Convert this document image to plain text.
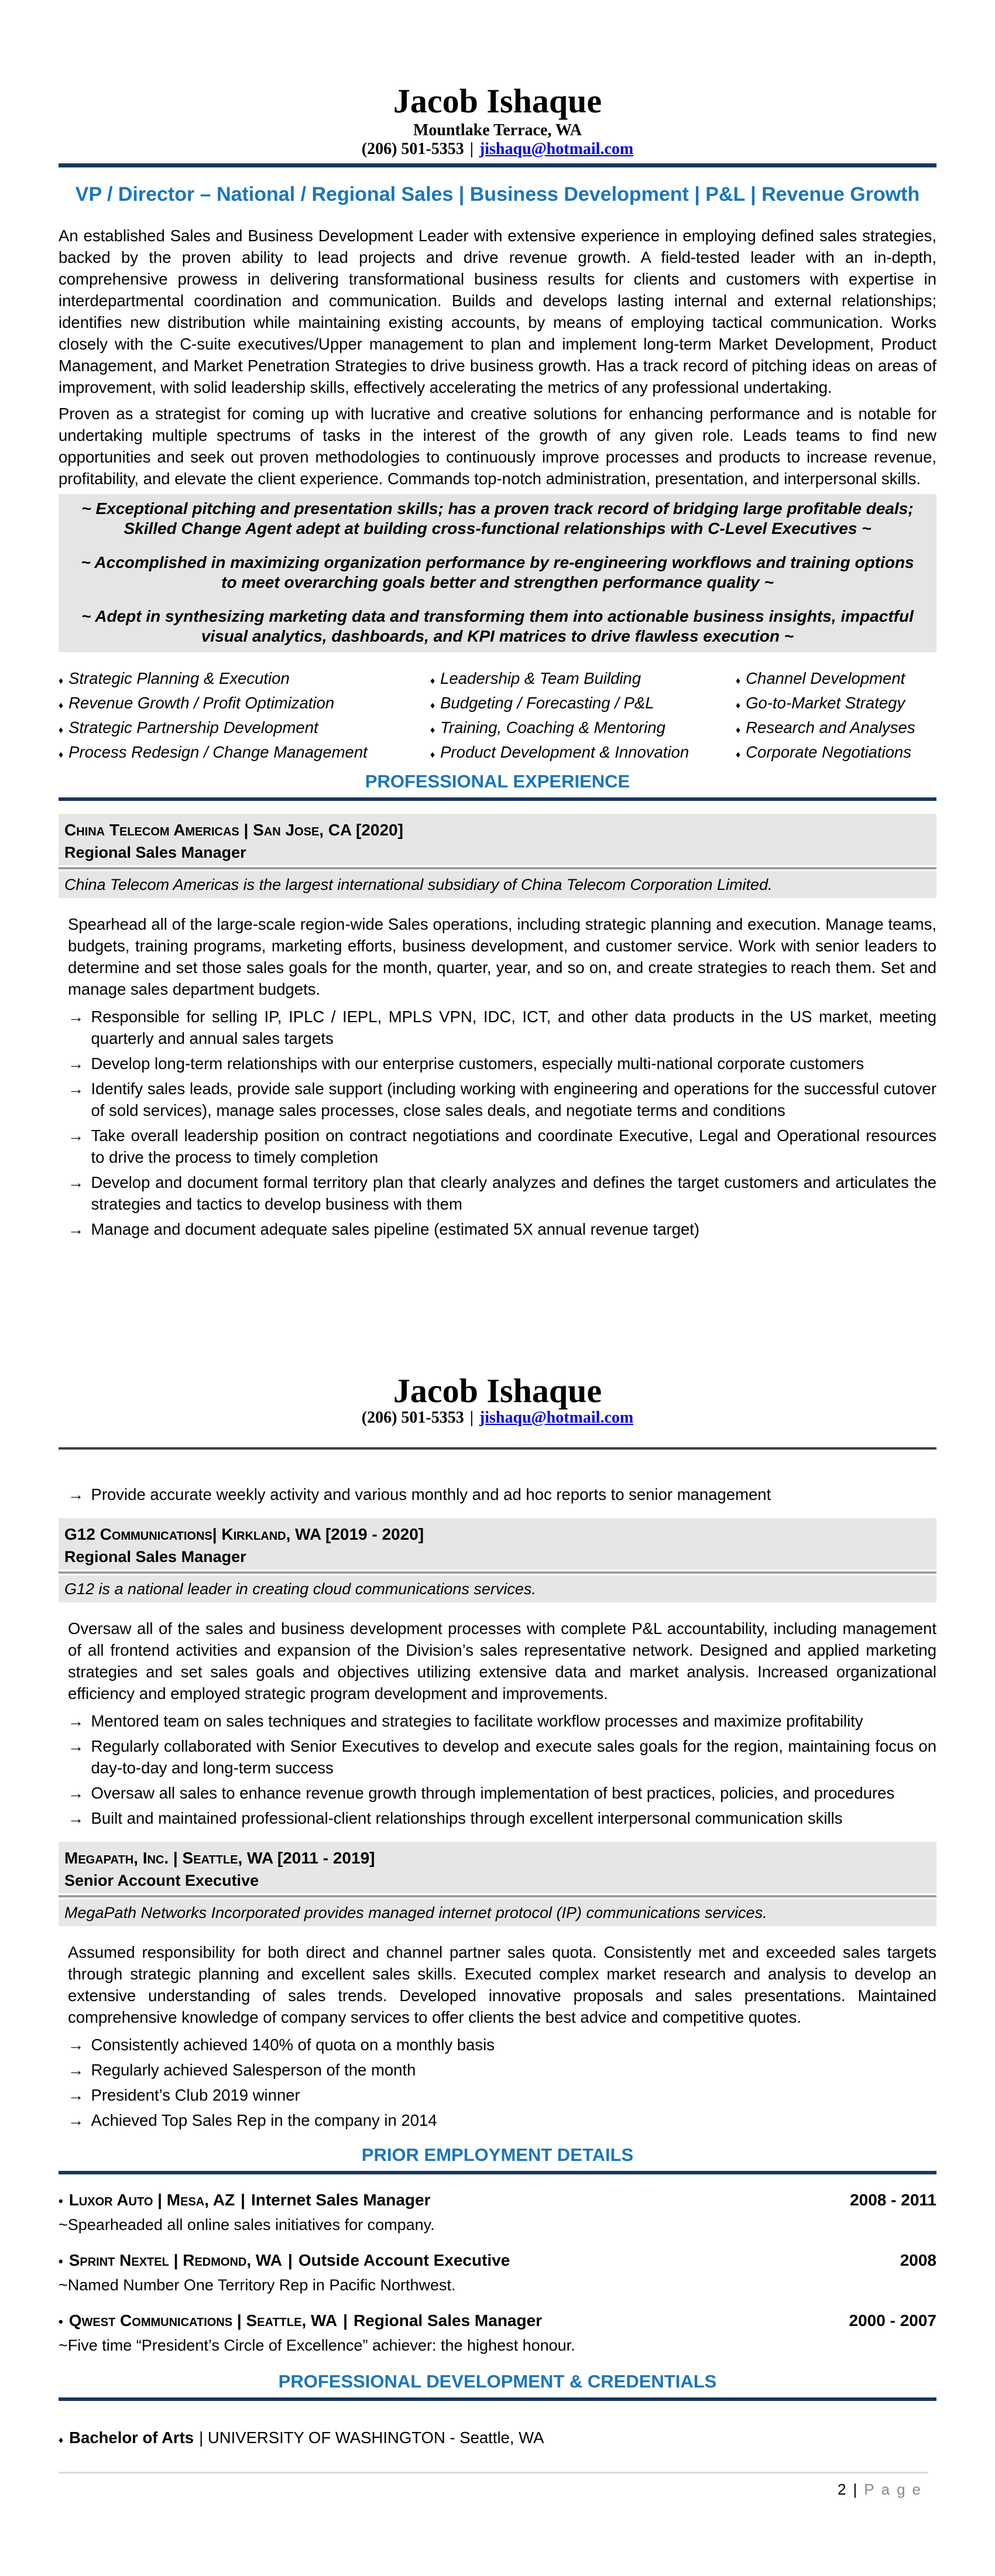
Jacob Ishaque
Mountlake Terrace, WA
(206) 501-5353 | jishaqu@hotmail.com
VP / Director – National / Regional Sales | Business Development | P&L | Revenue Growth

An established Sales and Business Development Leader with extensive experience in employing defined sales strategies, backed by the proven ability to lead projects and drive revenue growth. A field-tested leader with an in-depth, comprehensive prowess in delivering transformational business results for clients and customers with expertise in interdepartmental coordination and communication. Builds and develops lasting internal and external relationships; identifies new distribution while maintaining existing accounts, by means of employing tactical communication. Works closely with the C-suite executives/Upper management to plan and implement long-term Market Development, Product Management, and Market Penetration Strategies to drive business growth. Has a track record of pitching ideas on areas of improvement, with solid leadership skills, effectively accelerating the metrics of any professional undertaking.

Proven as a strategist for coming up with lucrative and creative solutions for enhancing performance and is notable for undertaking multiple spectrums of tasks in the interest of the growth of any given role. Leads teams to find new opportunities and seek out proven methodologies to continuously improve processes and products to increase revenue, profitability, and elevate the client experience. Commands top-notch administration, presentation, and interpersonal skills.

~ Exceptional pitching and presentation skills; has a proven track record of bridging large profitable deals; Skilled Change Agent adept at building cross-functional relationships with C-Level Executives ~

~ Accomplished in maximizing organization performance by re-engineering workflows and training options to meet overarching goals better and strengthen performance quality ~

~ Adept in synthesizing marketing data and transforming them into actionable business insights, impactful visual analytics, dashboards, and KPI matrices to drive flawless execution ~

♦ Strategic Planning & Execution	♦ Leadership & Team Building	♦ Channel Development
♦ Revenue Growth / Profit Optimization	♦ Budgeting / Forecasting / P&L	♦ Go-to-Market Strategy
♦ Strategic Partnership Development	♦ Training, Coaching & Mentoring	♦ Research and Analyses
♦ Process Redesign / Change Management	♦ Product Development & Innovation	♦ Corporate Negotiations
PROFESSIONAL EXPERIENCE
China Telecom Americas | San Jose, CA [2020]
Regional Sales Manager
China Telecom Americas is the largest international subsidiary of China Telecom Corporation Limited.

Spearhead all of the large-scale region-wide Sales operations, including strategic planning and execution. Manage teams, budgets, training programs, marketing efforts, business development, and customer service. Work with senior leaders to determine and set those sales goals for the month, quarter, year, and so on, and create strategies to reach them. Set and manage sales department budgets.

→ Responsible for selling IP, IPLC / IEPL, MPLS VPN, IDC, ICT, and other data products in the US market, meeting quarterly and annual sales targets
→ Develop long-term relationships with our enterprise customers, especially multi-national corporate customers
→ Identify sales leads, provide sale support (including working with engineering and operations for the successful cutover of sold services), manage sales processes, close sales deals, and negotiate terms and conditions
→ Take overall leadership position on contract negotiations and coordinate Executive, Legal and Operational resources to drive the process to timely completion
→ Develop and document formal territory plan that clearly analyzes and defines the target customers and articulates the strategies and tactics to develop business with them
→ Manage and document adequate sales pipeline (estimated 5X annual revenue target)
Jacob Ishaque
(206) 501-5353 | jishaqu@hotmail.com
→ Provide accurate weekly activity and various monthly and ad hoc reports to senior management
G12 Communications| Kirkland, WA [2019 - 2020]
Regional Sales Manager
G12 is a national leader in creating cloud communications services.

Oversaw all of the sales and business development processes with complete P&L accountability, including management of all frontend activities and expansion of the Division’s sales representative network. Designed and applied marketing strategies and set sales goals and objectives utilizing extensive data and market analysis. Increased organizational efficiency and employed strategic program development and improvements.

→ Mentored team on sales techniques and strategies to facilitate workflow processes and maximize profitability
→ Regularly collaborated with Senior Executives to develop and execute sales goals for the region, maintaining focus on day-to-day and long-term success
→ Oversaw all sales to enhance revenue growth through implementation of best practices, policies, and procedures
→ Built and maintained professional-client relationships through excellent interpersonal communication skills
Megapath, Inc. | Seattle, WA [2011 - 2019]
Senior Account Executive
MegaPath Networks Incorporated provides managed internet protocol (IP) communications services.

Assumed responsibility for both direct and channel partner sales quota. Consistently met and exceeded sales targets through strategic planning and excellent sales skills. Executed complex market research and analysis to develop an extensive understanding of sales trends. Developed innovative proposals and sales presentations. Maintained comprehensive knowledge of company services to offer clients the best advice and competitive quotes.

→ Consistently achieved 140% of quota on a monthly basis
→ Regularly achieved Salesperson of the month
→ President’s Club 2019 winner
→ Achieved Top Sales Rep in the company in 2014
PRIOR EMPLOYMENT DETAILS
• Luxor Auto | Mesa, AZ | Internet Sales Manager	2008 - 2011
~Spearheaded all online sales initiatives for company.
• Sprint Nextel | Redmond, WA | Outside Account Executive	2008
~Named Number One Territory Rep in Pacific Northwest.
• Qwest Communications | Seattle, WA | Regional Sales Manager	2000 - 2007
~Five time “President’s Circle of Excellence” achiever: the highest honour.
PROFESSIONAL DEVELOPMENT & CREDENTIALS
♦ Bachelor of Arts | UNIVERSITY OF WASHINGTON - Seattle, WA
2 | Page
